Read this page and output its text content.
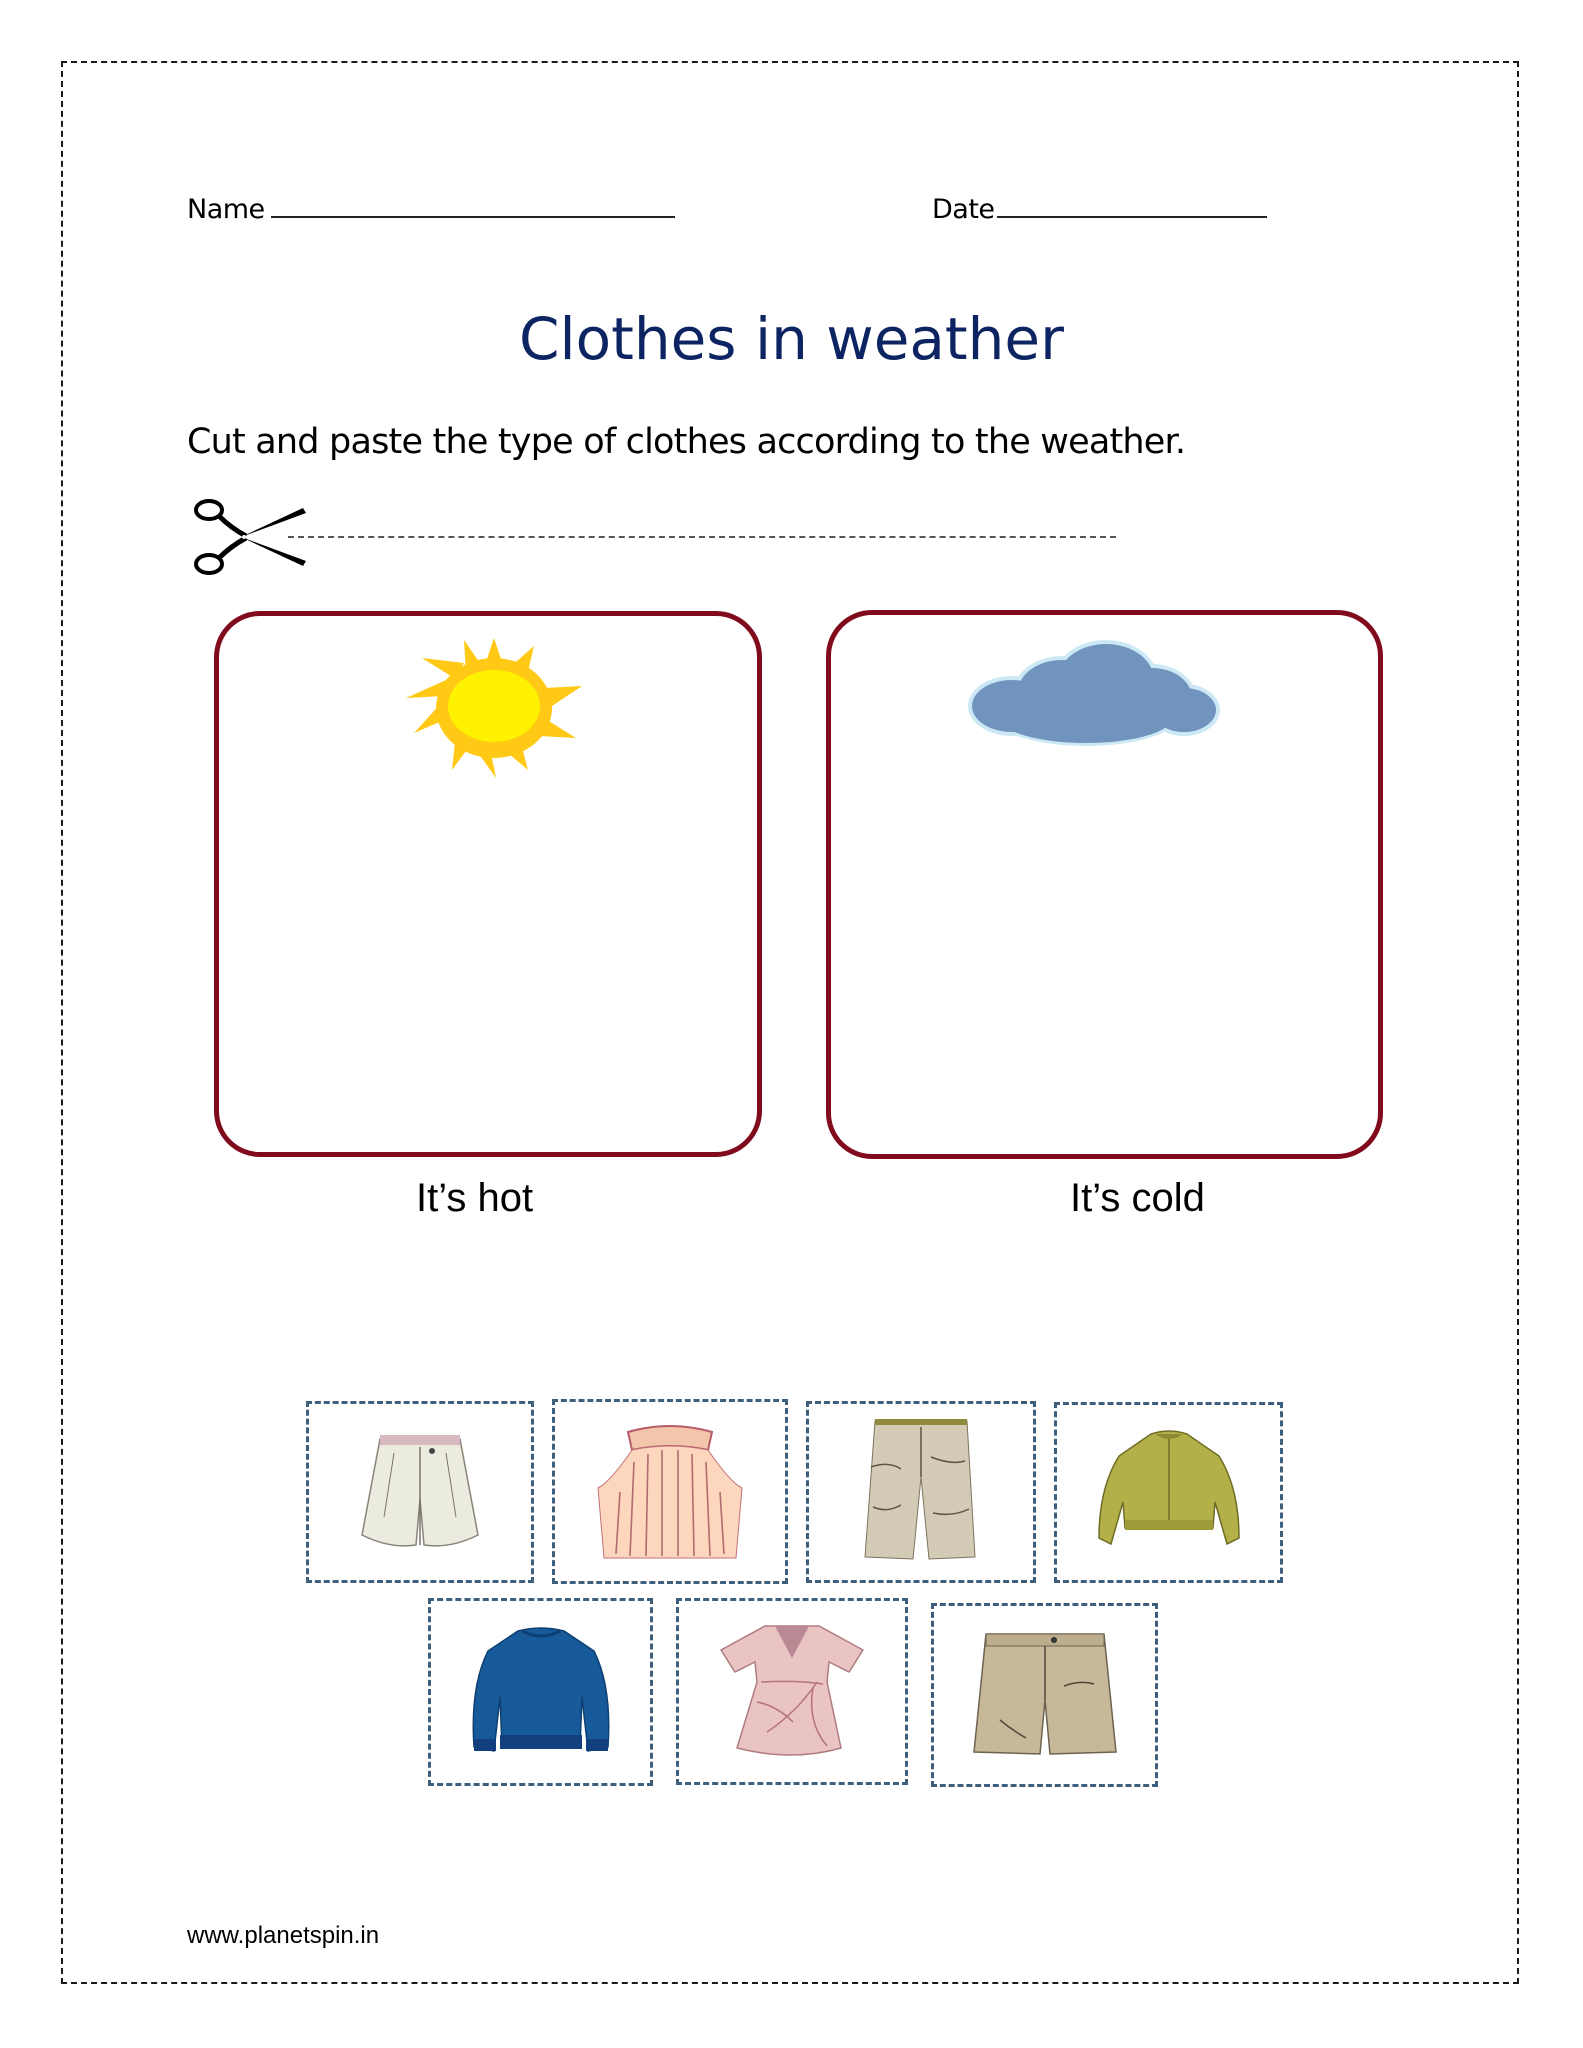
Name	Date
Clothes in weather
Cut and paste the type of clothes according to the weather.
It’s hot	It’s cold
www.planetspin.in
